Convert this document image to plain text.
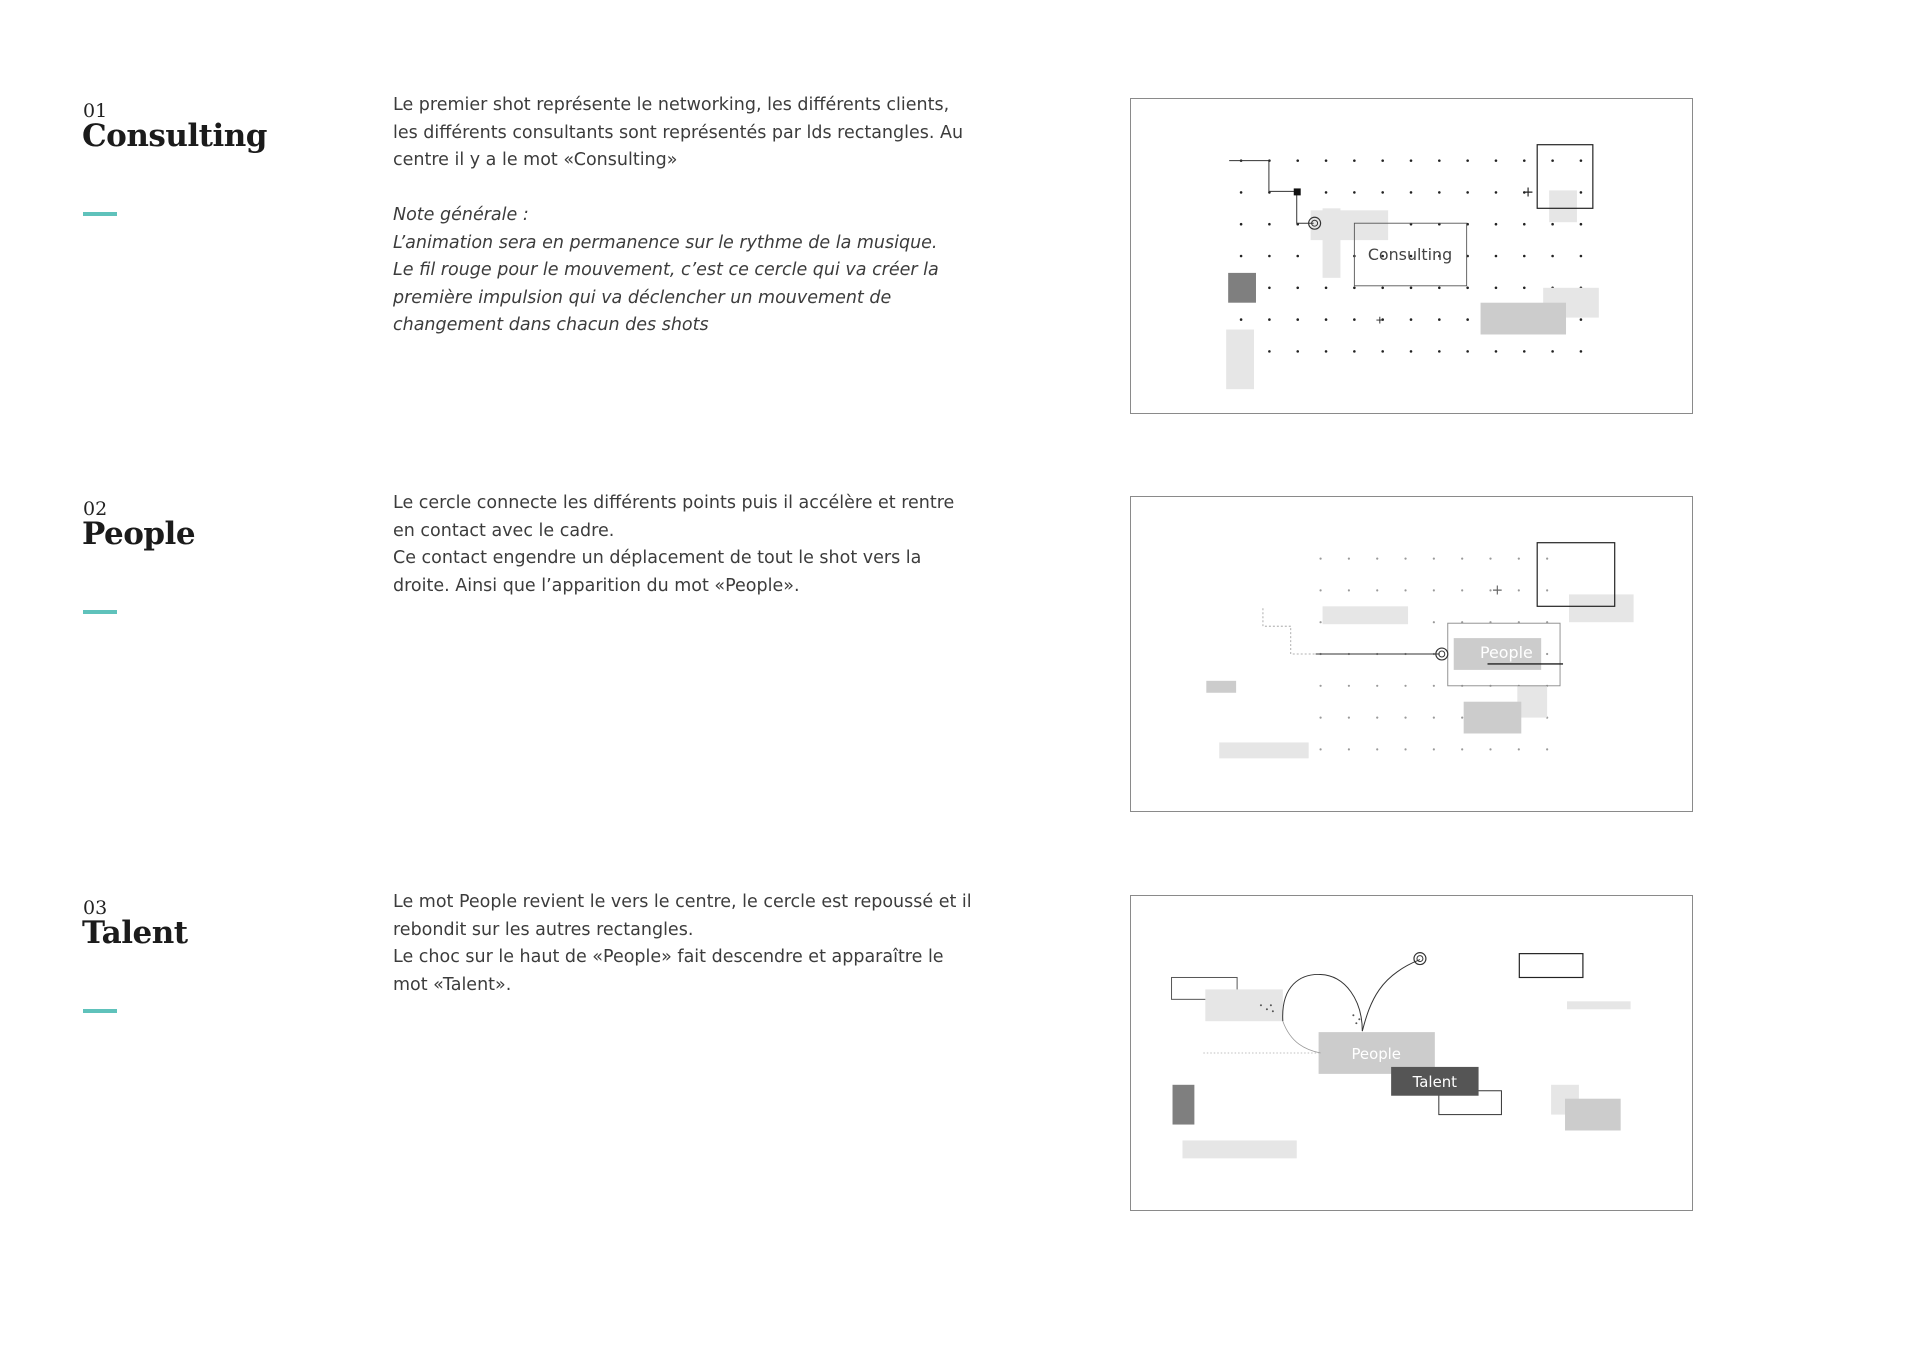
01
Consulting

Le premier shot représente le networking, les différents clients, les différents consultants sont représentés par lds rectangles. Au centre il y a le mot «Consulting»

Note générale :

L’animation sera en permanence sur le rythme de la musique.

Le fil rouge pour le mouvement, c’est ce cercle qui va créer la première impulsion qui va déclencher un mouvement de changement dans chacun des shots

Consulting
+
+
02
People

Le cercle connecte les différents points puis il accélère et rentre en contact avec le cadre.

Ce contact engendre un déplacement de tout le shot vers la droite. Ainsi que l’apparition du mot «People».

People
+
03
Talent

Le mot People revient le vers le centre, le cercle est repoussé et il rebondit sur les autres rectangles.

Le choc sur le haut de «People» fait descendre et apparaître le mot «Talent».

People
Talent
